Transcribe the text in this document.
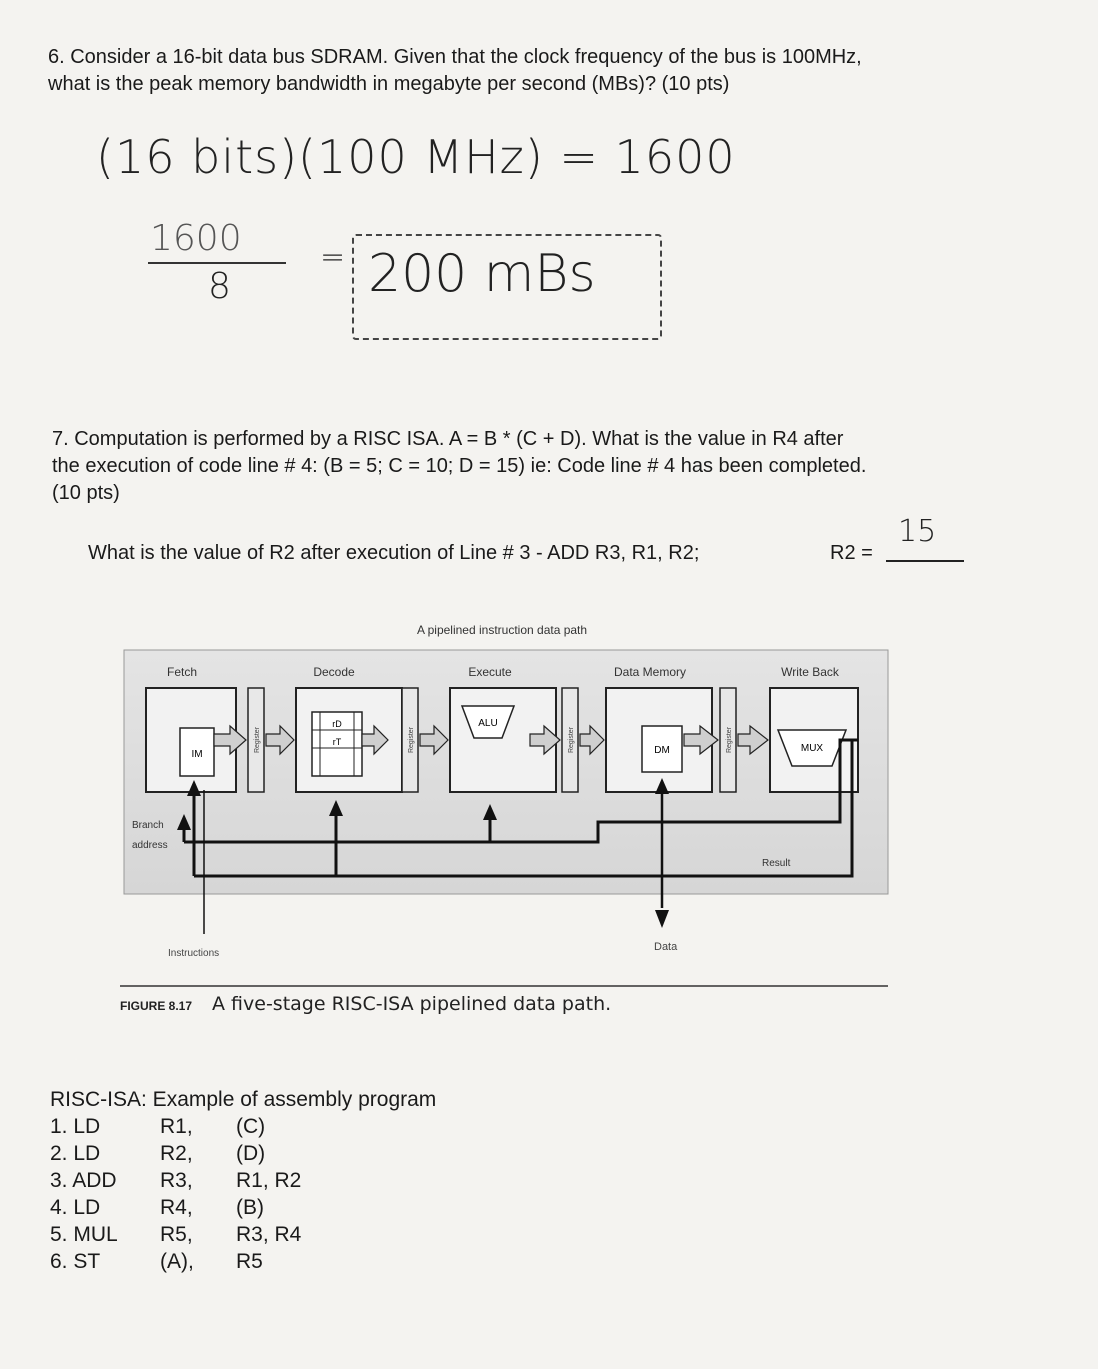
6. Consider a 16-bit data bus SDRAM. Given that the clock frequency of the bus is 100MHz,
what is the peak memory bandwidth in megabyte per second (MBs)? (10 pts)
(16 bits)(100 MHz) = 1600
1600
8
= 200 mBs
7. Computation is performed by a RISC ISA. A = B * (C + D). What is the value in R4 after
the execution of code line # 4: (B = 5; C = 10; D = 15) ie: Code line # 4 has been completed.
(10 pts)
What is the value of R2 after execution of Line # 3 - ADD R3, R1, R2;	R2 =
15
A pipelined instruction data path
Fetch	Decode	Execute	Data Memory	Write Back
IM
rD
rT
ALU
DM	MUX
Register	Register	Register	Register
Branch
address
Result
Instructions
Data
FIGURE 8.17 A five-stage RISC-ISA pipelined data path.
RISC-ISA: Example of assembly program
1. LD	R1,	(C)
2. LD	R2,	(D)
3. ADD	R3,	R1, R2
4. LD	R4,	(B)
5. MUL	R5,	R3, R4
6. ST	(A),	R5
